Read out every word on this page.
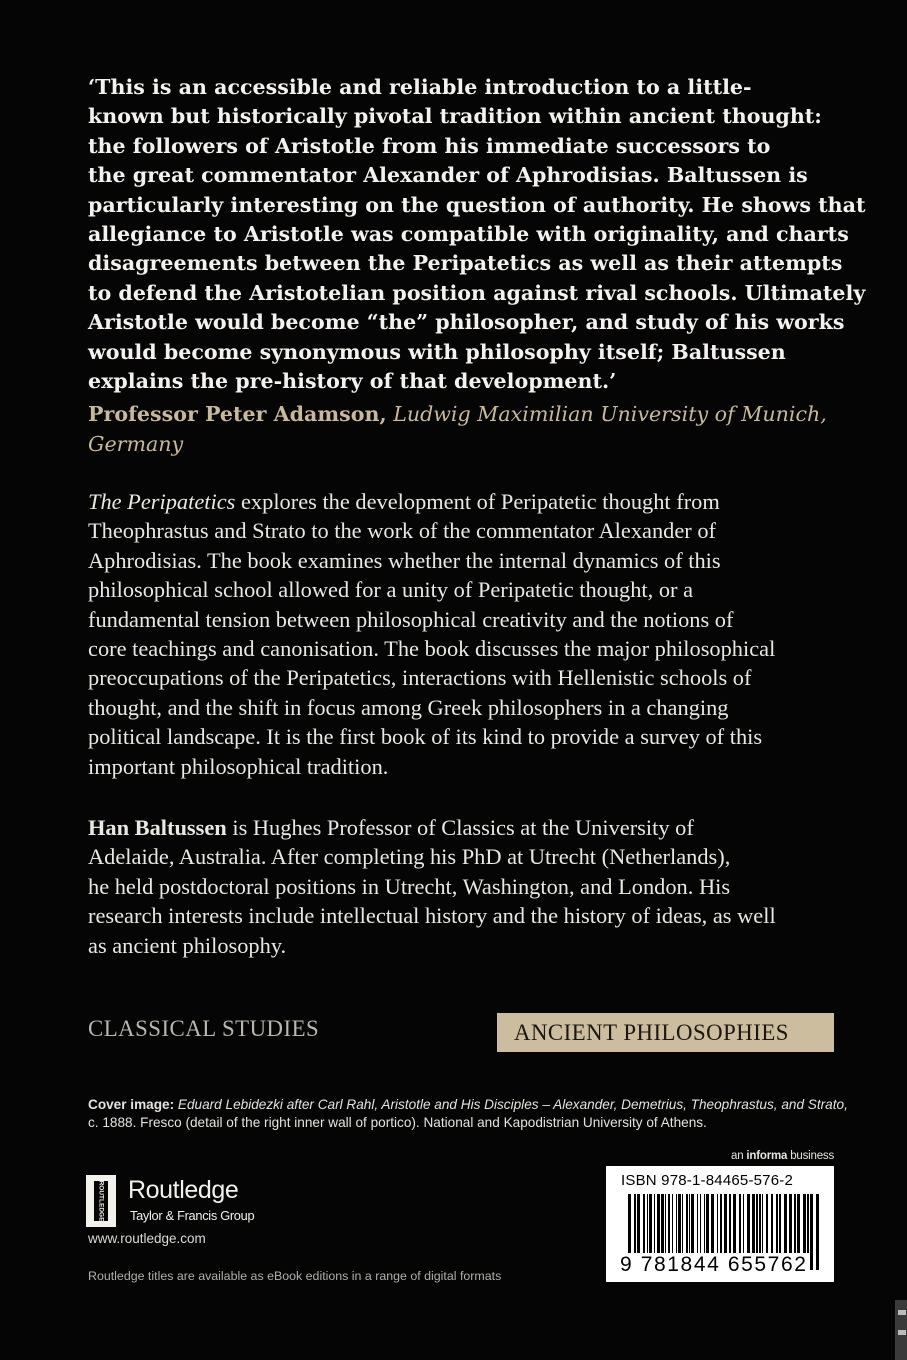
‘This is an accessible and reliable introduction to a little-
known but historically pivotal tradition within ancient thought:
the followers of Aristotle from his immediate successors to
the great commentator Alexander of Aphrodisias. Baltussen is
particularly interesting on the question of authority. He shows that
allegiance to Aristotle was compatible with originality, and charts
disagreements between the Peripatetics as well as their attempts
to defend the Aristotelian position against rival schools. Ultimately
Aristotle would become “the” philosopher, and study of his works
would become synonymous with philosophy itself; Baltussen
explains the pre-history of that development.’
Professor Peter Adamson, Ludwig Maximilian University of Munich,
Germany
The Peripatetics explores the development of Peripatetic thought from
Theophrastus and Strato to the work of the commentator Alexander of
Aphrodisias. The book examines whether the internal dynamics of this
philosophical school allowed for a unity of Peripatetic thought, or a
fundamental tension between philosophical creativity and the notions of
core teachings and canonisation. The book discusses the major philosophical
preoccupations of the Peripatetics, interactions with Hellenistic schools of
thought, and the shift in focus among Greek philosophers in a changing
political landscape. It is the first book of its kind to provide a survey of this
important philosophical tradition.
Han Baltussen is Hughes Professor of Classics at the University of
Adelaide, Australia. After completing his PhD at Utrecht (Netherlands),
he held postdoctoral positions in Utrecht, Washington, and London. His
research interests include intellectual history and the history of ideas, as well
as ancient philosophy.
CLASSICAL STUDIES	ANCIENT PHILOSOPHIES
Cover image: Eduard Lebidezki after Carl Rahl, Aristotle and His Disciples – Alexander, Demetrius, Theophrastus, and Strato,
c. 1888. Fresco (detail of the right inner wall of portico). National and Kapodistrian University of Athens.
an informa business
ISBN 978-1-84465-576-2
9 781844 655762
ROUTLEDGE Routledge
Taylor & Francis Group
www.routledge.com
Routledge titles are available as eBook editions in a range of digital formats
